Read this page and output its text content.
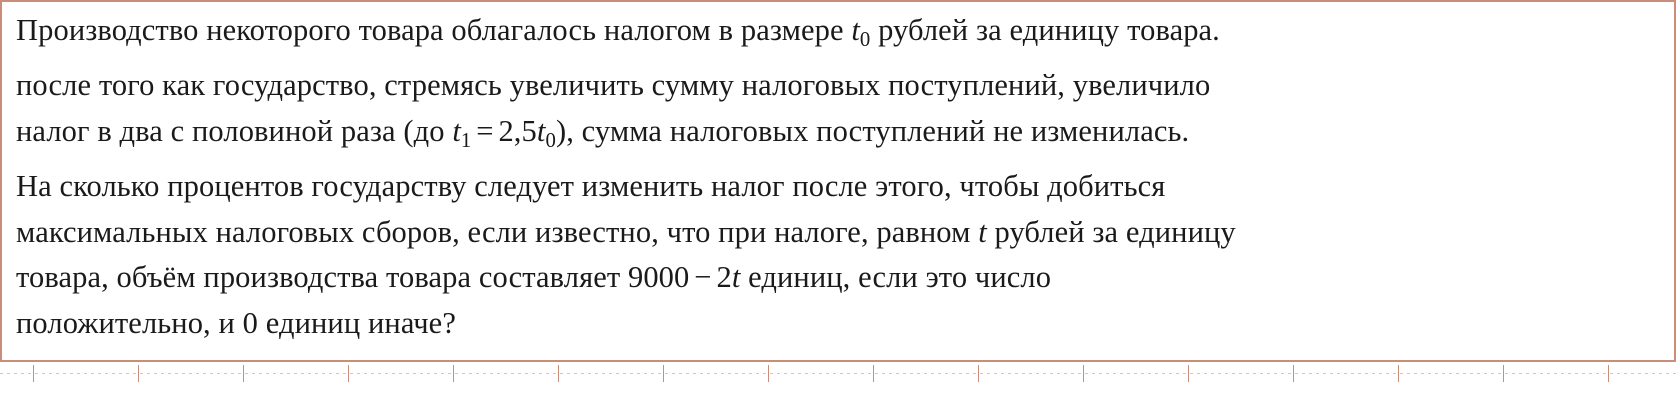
Производство некоторого товара облагалось налогом в размере $t_0$ рублей за единицу товара.
после того как государство, стремясь увеличить сумму налоговых поступлений, увеличило
налог в два с половиной раза (до $t_1 = 2,5t_0$), сумма налоговых поступлений не изменилась.
На сколько процентов государству следует изменить налог после этого, чтобы добиться
максимальных налоговых сборов, если известно, что при налоге, равном t рублей за единицу
товара, объём производства товара составляет 9000 − 2t единиц, если это число
положительно, и 0 единиц иначе?
